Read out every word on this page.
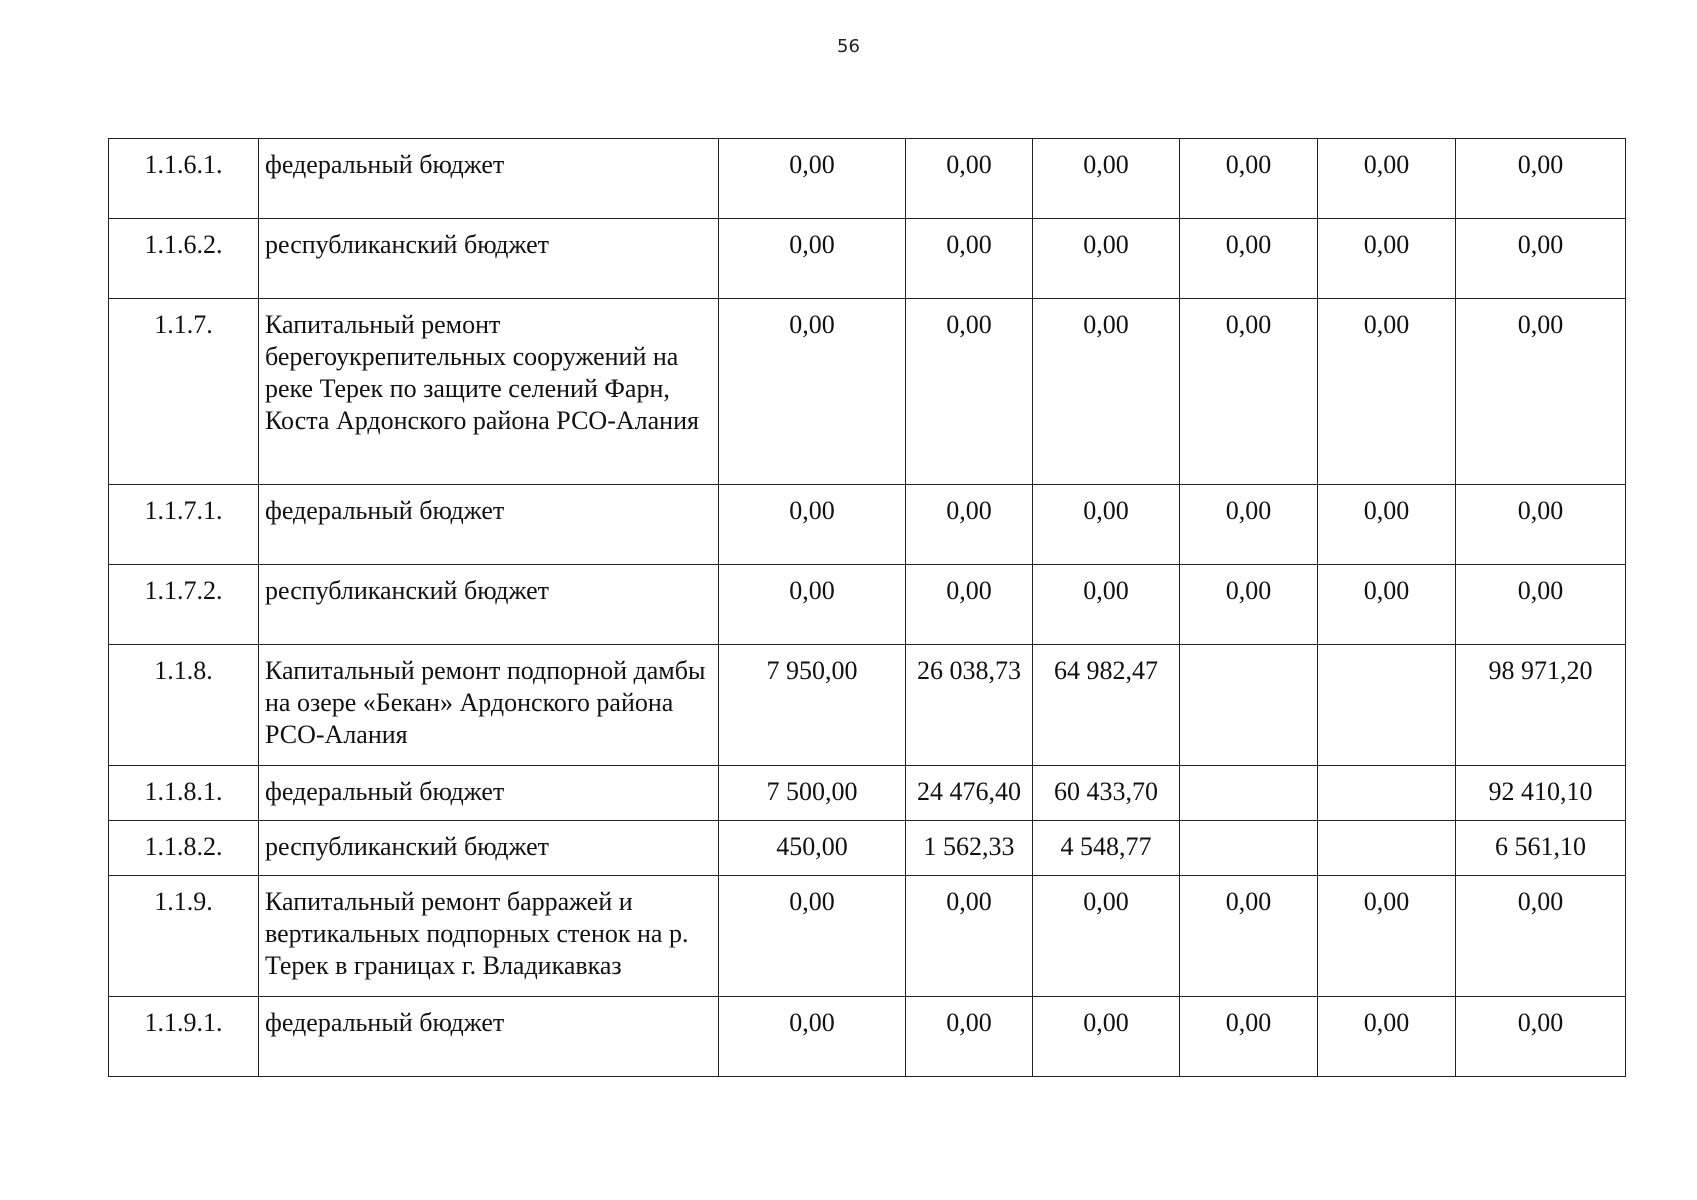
56
1.1.6.1.	федеральный бюджет	0,00	0,00	0,00	0,00	0,00	0,00
1.1.6.2.	республиканский бюджет	0,00	0,00	0,00	0,00	0,00	0,00
1.1.7.	Капитальный ремонт берегоукрепительных сооружений на реке Терек по защите селений Фарн, Коста Ардонского района РСО-Алания	0,00	0,00	0,00	0,00	0,00	0,00
1.1.7.1.	федеральный бюджет	0,00	0,00	0,00	0,00	0,00	0,00
1.1.7.2.	республиканский бюджет	0,00	0,00	0,00	0,00	0,00	0,00
1.1.8.	Капитальный ремонт подпорной дамбы на озере «Бекан» Ардонского района РСО-Алания	7 950,00	26 038,73	64 982,47			98 971,20
1.1.8.1.	федеральный бюджет	7 500,00	24 476,40	60 433,70			92 410,10
1.1.8.2.	республиканский бюджет	450,00	1 562,33	4 548,77			6 561,10
1.1.9.	Капитальный ремонт барражей и вертикальных подпорных стенок на р. Терек в границах г. Владикавказ	0,00	0,00	0,00	0,00	0,00	0,00
1.1.9.1.	федеральный бюджет	0,00	0,00	0,00	0,00	0,00	0,00
